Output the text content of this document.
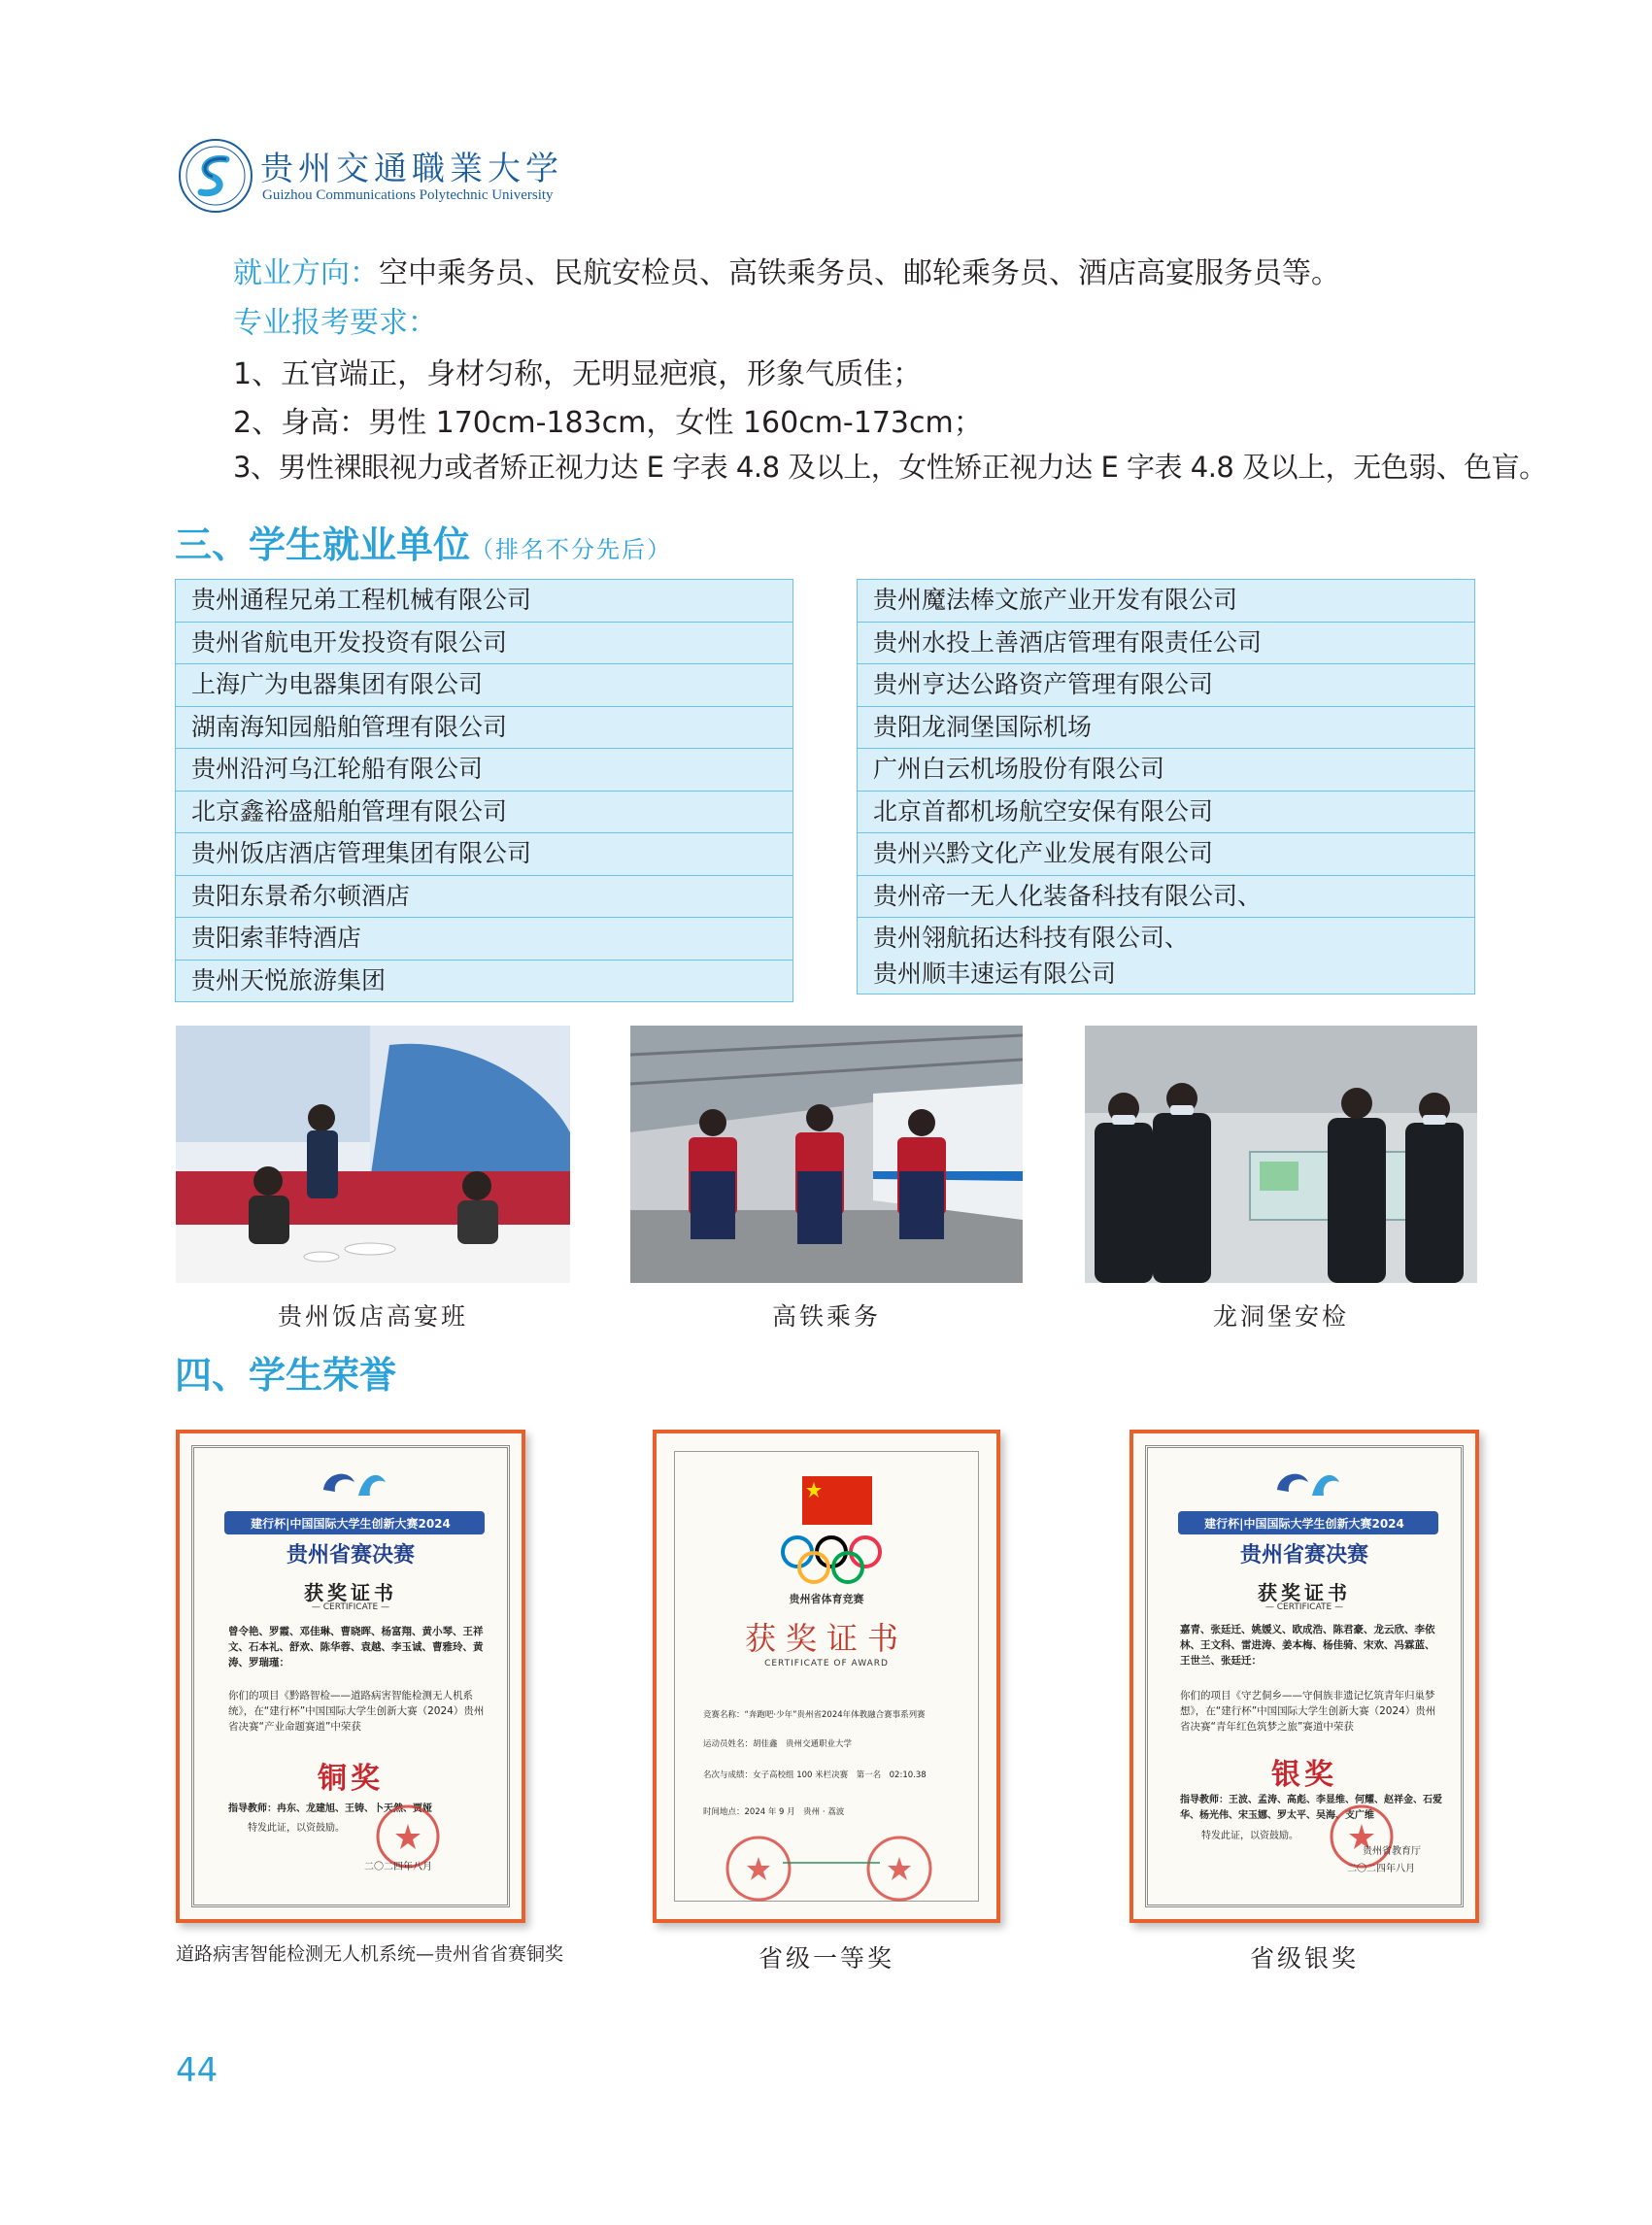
贵州交通職業大学
Guizhou Communications Polytechnic University
就业方向：空中乘务员、民航安检员、高铁乘务员、邮轮乘务员、酒店高宴服务员等。
专业报考要求：
1、五官端正，身材匀称，无明显疤痕，形象气质佳；
2、身高：男性 170cm-183cm，女性 160cm-173cm；
3、男性裸眼视力或者矫正视力达 E 字表 4.8 及以上，女性矫正视力达 E 字表 4.8 及以上，无色弱、色盲。
三、学生就业单位（排名不分先后）
贵州通程兄弟工程机械有限公司
贵州省航电开发投资有限公司
上海广为电器集团有限公司
湖南海知园船舶管理有限公司
贵州沿河乌江轮船有限公司
北京鑫裕盛船舶管理有限公司
贵州饭店酒店管理集团有限公司
贵阳东景希尔顿酒店
贵阳索菲特酒店
贵州天悦旅游集团
贵州魔法棒文旅产业开发有限公司
贵州水投上善酒店管理有限责任公司
贵州亨达公路资产管理有限公司
贵阳龙洞堡国际机场
广州白云机场股份有限公司
北京首都机场航空安保有限公司
贵州兴黔文化产业发展有限公司
贵州帝一无人化装备科技有限公司、
贵州翎航拓达科技有限公司、
贵州顺丰速运有限公司
贵州饭店高宴班	高铁乘务	龙洞堡安检
四、学生荣誉
建行杯|中国国际大学生创新大赛2024
贵州省赛决赛
获奖证书
— CERTIFICATE —
曾令艳、罗霞、邓佳琳、曹晓晖、杨富翔、黄小琴、王祥文、石本礼、舒欢、陈华蓉、袁越、李玉诚、曹雅玲、黄涛、罗瑞瑾：
你们的项目《黔路智检——道路病害智能检测无人机系统》，在“建行杯”中国国际大学生创新大赛（2024）贵州省决赛“产业命题赛道”中荣获
铜奖
指导教师：冉东、龙建旭、王铸、卜天然、贾娅
特发此证，以资鼓励。
二〇二四年八月
贵州省体育竞赛
获奖证书
CERTIFICATE OF AWARD
竞赛名称：“奔跑吧·少年”贵州省2024年体教融合赛事系列赛
运动员姓名：胡佳鑫　贵州交通职业大学
名次与成绩：女子高校组 100 米栏决赛　第一名　02:10.38
时间地点：2024 年 9 月　贵州 · 荔波
建行杯|中国国际大学生创新大赛2024
贵州省赛决赛
获奖证书
— CERTIFICATE —
嘉青、张廷迁、姚媛义、欧成浩、陈君豪、龙云欣、李依林、王文科、雷进涛、姜本梅、杨佳骑、宋欢、冯霖蓝、王世兰、张廷迁：
你们的项目《守艺侗乡——守侗族非遗记忆筑青年归巢梦想》，在“建行杯”中国国际大学生创新大赛（2024）贵州省决赛“青年红色筑梦之旅”赛道中荣获
银奖
指导教师：王波、孟涛、高彪、李显维、何耀、赵祥金、石爱华、杨光伟、宋玉娜、罗太平、吴海、支广维
特发此证，以资鼓励。
贵州省教育厅
二〇二四年八月
道路病害智能检测无人机系统—贵州省省赛铜奖	省级一等奖	省级银奖
44
